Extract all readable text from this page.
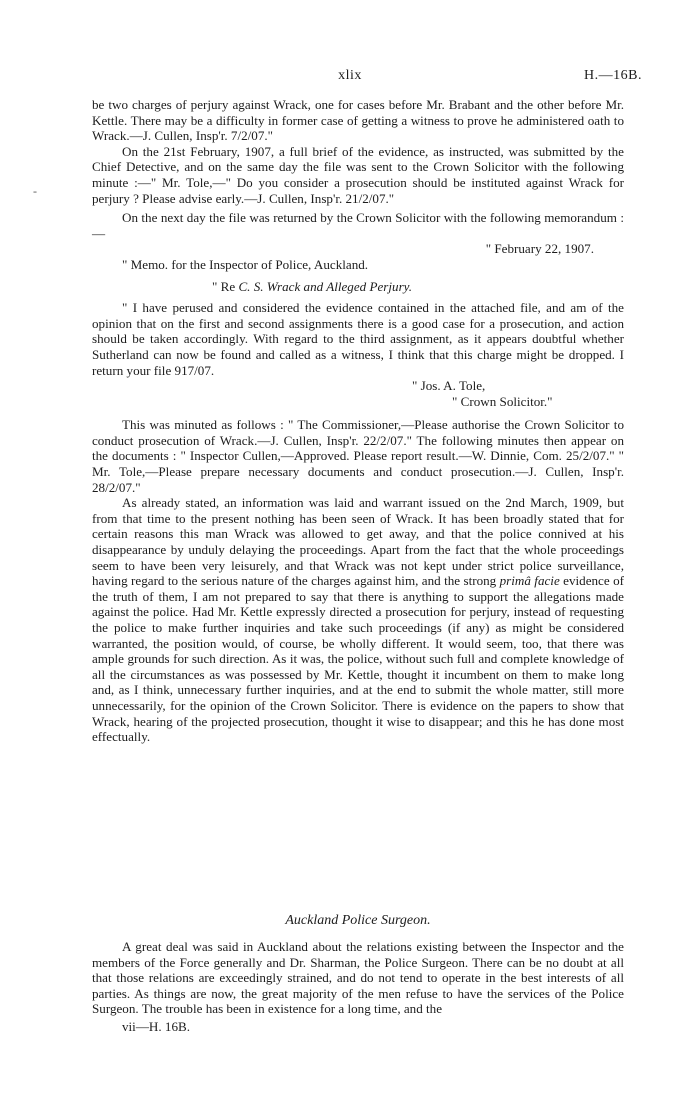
xlix	H.—16B.
-

be two charges of perjury against Wrack, one for cases before Mr. Brabant and the other before Mr. Kettle. There may be a difficulty in former case of getting a witness to prove he administered oath to Wrack.—J. Cullen, Insp'r. 7/2/07."

On the 21st February, 1907, a full brief of the evidence, as instructed, was submitted by the Chief Detective, and on the same day the file was sent to the Crown Solicitor with the following minute :—" Mr. Tole,—" Do you consider a prosecution should be instituted against Wrack for perjury ? Please advise early.—J. Cullen, Insp'r. 21/2/07."

On the next day the file was returned by the Crown Solicitor with the following memorandum :—

" February 22, 1907.

" Memo. for the Inspector of Police, Auckland.

" Re C. S. Wrack and Alleged Perjury.

" I have perused and considered the evidence contained in the attached file, and am of the opinion that on the first and second assignments there is a good case for a prosecution, and action should be taken accordingly. With regard to the third assignment, as it appears doubtful whether Sutherland can now be found and called as a witness, I think that this charge might be dropped. I return your file 917/07.

" Jos. A. Tole,

" Crown Solicitor."

This was minuted as follows : " The Commissioner,—Please authorise the Crown Solicitor to conduct prosecution of Wrack.—J. Cullen, Insp'r. 22/2/07." The following minutes then appear on the documents : " Inspector Cullen,—Approved. Please report result.—W. Dinnie, Com. 25/2/07." " Mr. Tole,—Please prepare necessary documents and conduct prosecution.—J. Cullen, Insp'r. 28/2/07."

As already stated, an information was laid and warrant issued on the 2nd March, 1909, but from that time to the present nothing has been seen of Wrack. It has been broadly stated that for certain reasons this man Wrack was allowed to get away, and that the police connived at his disappearance by unduly delaying the proceedings. Apart from the fact that the whole proceedings seem to have been very leisurely, and that Wrack was not kept under strict police surveillance, having regard to the serious nature of the charges against him, and the strong primâ facie evidence of the truth of them, I am not prepared to say that there is anything to support the allegations made against the police. Had Mr. Kettle expressly directed a prosecution for perjury, instead of requesting the police to make further inquiries and take such proceedings (if any) as might be considered warranted, the position would, of course, be wholly different. It would seem, too, that there was ample grounds for such direction. As it was, the police, without such full and complete knowledge of all the circumstances as was possessed by Mr. Kettle, thought it incumbent on them to make long and, as I think, unnecessary further inquiries, and at the end to submit the whole matter, still more unnecessarily, for the opinion of the Crown Solicitor. There is evidence on the papers to show that Wrack, hearing of the projected prosecution, thought it wise to disappear; and this he has done most effectually.

Auckland Police Surgeon.

A great deal was said in Auckland about the relations existing between the Inspector and the members of the Force generally and Dr. Sharman, the Police Surgeon. There can be no doubt at all that those relations are exceedingly strained, and do not tend to operate in the best interests of all parties. As things are now, the great majority of the men refuse to have the services of the Police Surgeon. The trouble has been in existence for a long time, and the

vii—H. 16B.
